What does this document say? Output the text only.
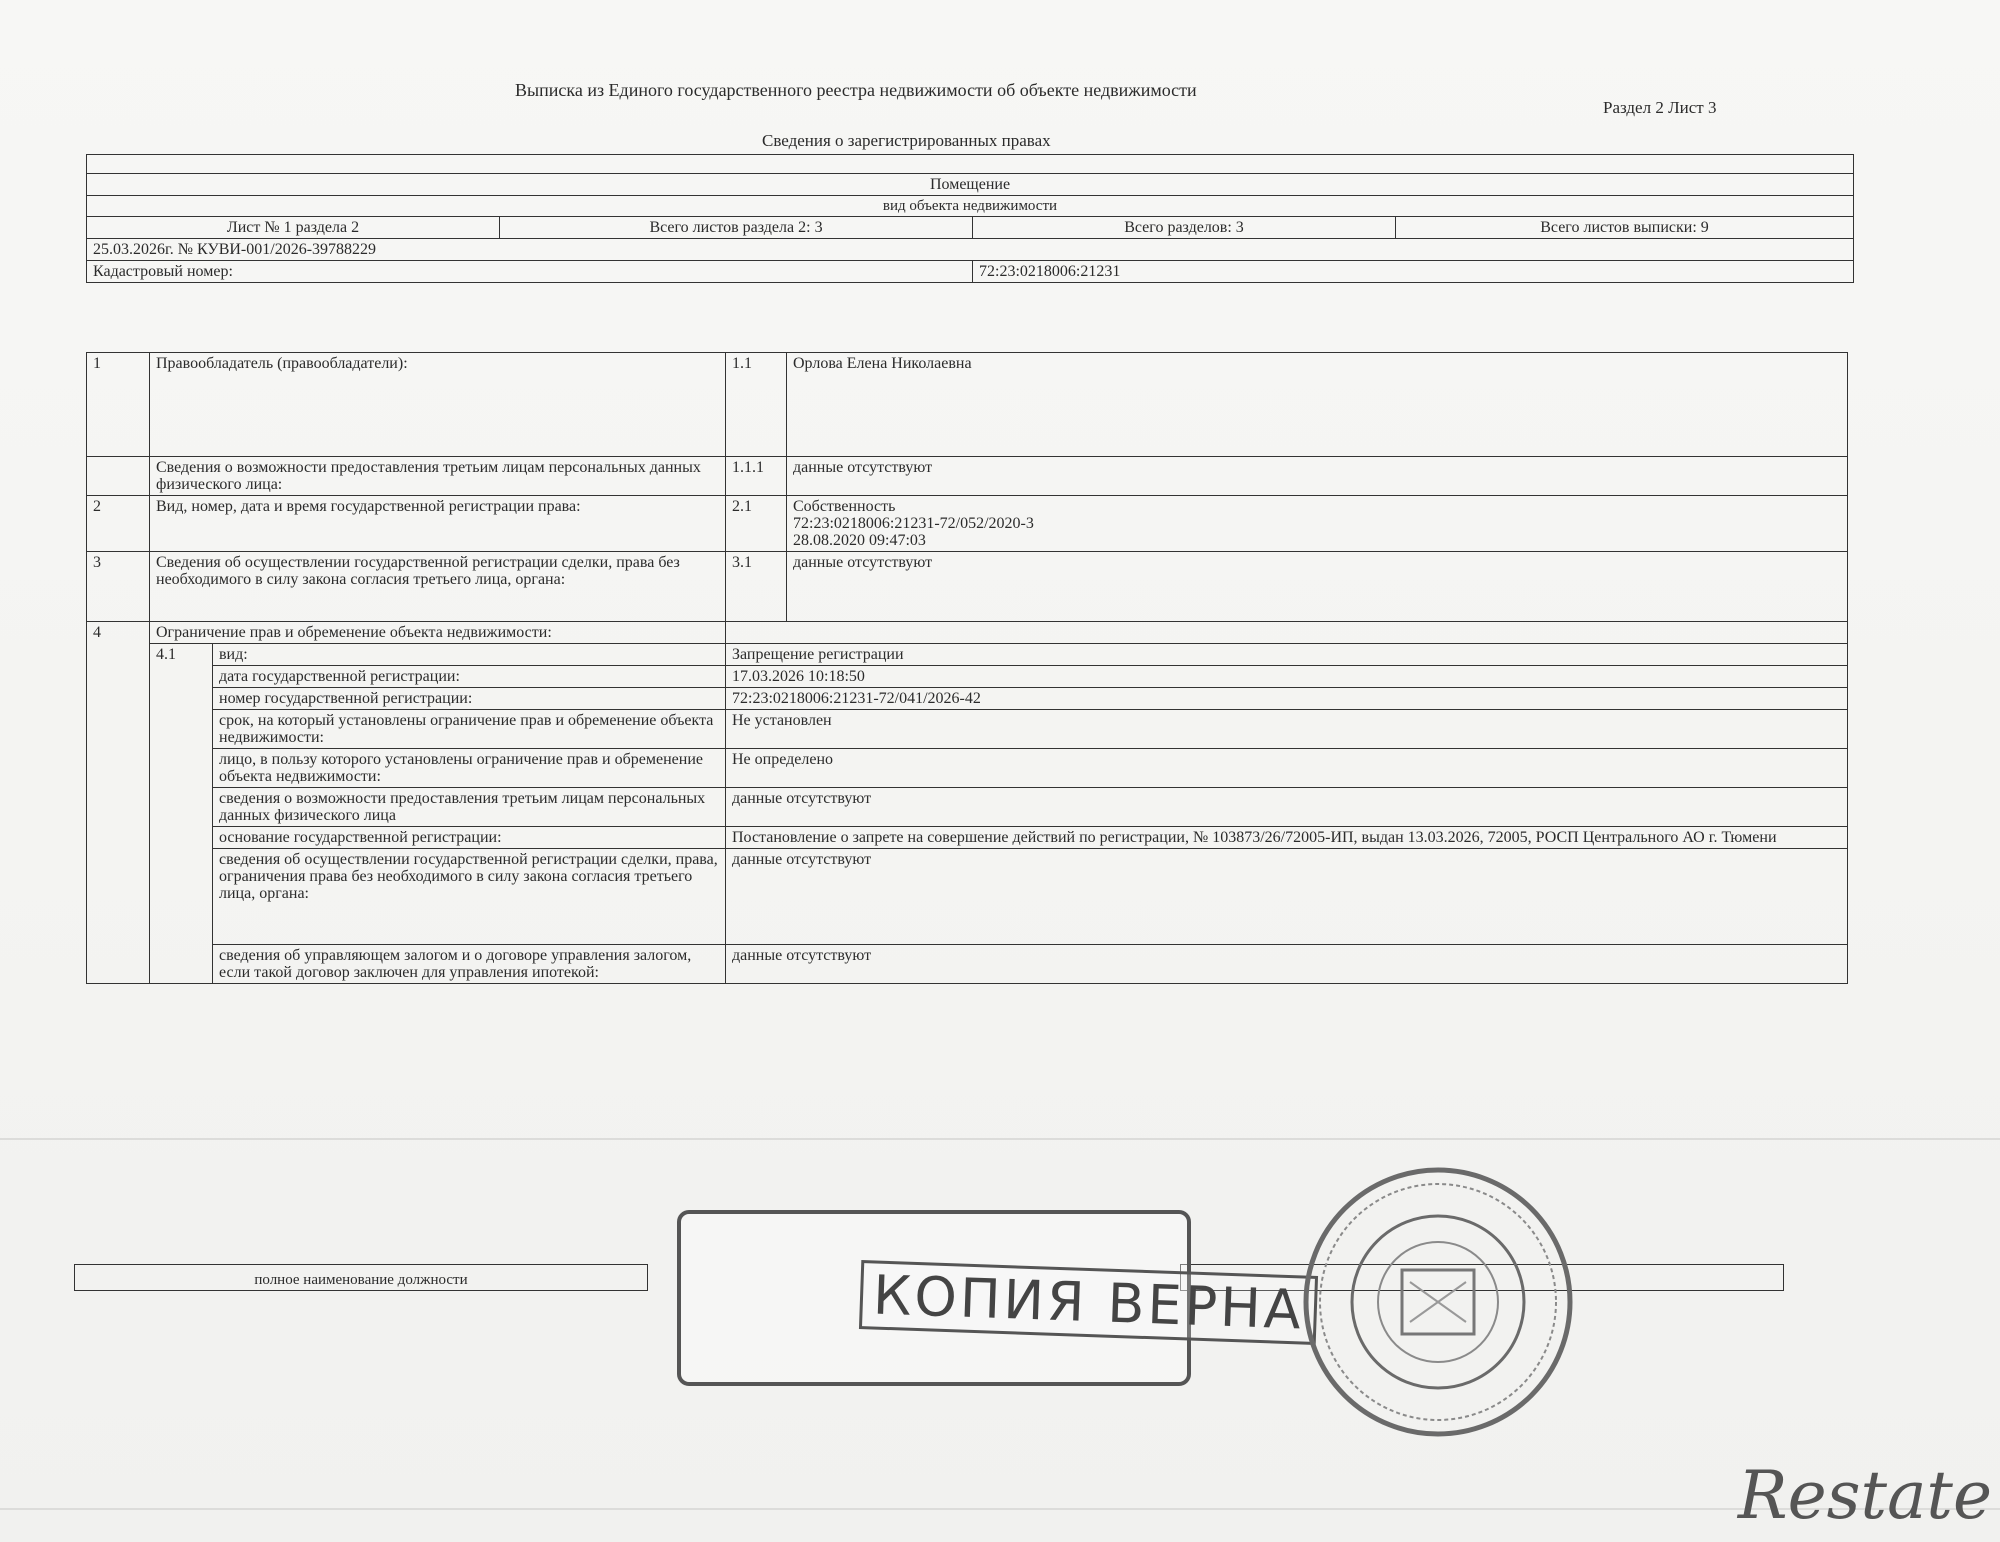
Выписка из Единого государственного реестра недвижимости об объекте недвижимости
Раздел 2 Лист 3
Сведения о зарегистрированных правах

Помещение			
вид объекта недвижимости			
Лист № 1 раздела 2	Всего листов раздела 2: 3	Всего разделов: 3	Всего листов выписки: 9
25.03.2026г. № КУВИ-001/2026-39788229			
Кадастровый номер:		72:23:0218006:21231	
1	Правообладатель (правообладатели):		1.1	Орлова Елена Николаевна
	Сведения о возможности предоставления третьим лицам персональных данных физического лица:		1.1.1	данные отсутствуют
2	Вид, номер, дата и время государственной регистрации права:		2.1	Собственность
72:23:0218006:21231-72/052/2020-3
28.08.2020 09:47:03

3	Сведения об осуществлении государственной регистрации сделки, права без необходимого в силу закона согласия третьего лица, органа:		3.1	данные отсутствуют
4	Ограничение прав и обременение объекта недвижимости:			
	4.1	вид:	Запрещение регистрации	
		дата государственной регистрации:	17.03.2026 10:18:50	
		номер государственной регистрации:	72:23:0218006:21231-72/041/2026-42	
		срок, на который установлены ограничение прав и обременение объекта недвижимости:	Не установлен	
		лицо, в пользу которого установлены ограничение прав и обременение объекта недвижимости:	Не определено	
		сведения о возможности предоставления третьим лицам персональных данных физического лица	данные отсутствуют	
		основание государственной регистрации:	Постановление о запрете на совершение действий по регистрации, № 103873/26/72005-ИП, выдан 13.03.2026, 72005, РОСП Центрального АО г. Тюмени	
		сведения об осуществлении государственной регистрации сделки, права, ограничения права без необходимого в силу закона согласия третьего лица, органа:	данные отсутствуют	
		сведения об управляющем залогом и о договоре управления залогом, если такой договор заключен для управления ипотекой:	данные отсутствуют	
полное наименование должности			КОПИЯ ВЕРНА
Restate
